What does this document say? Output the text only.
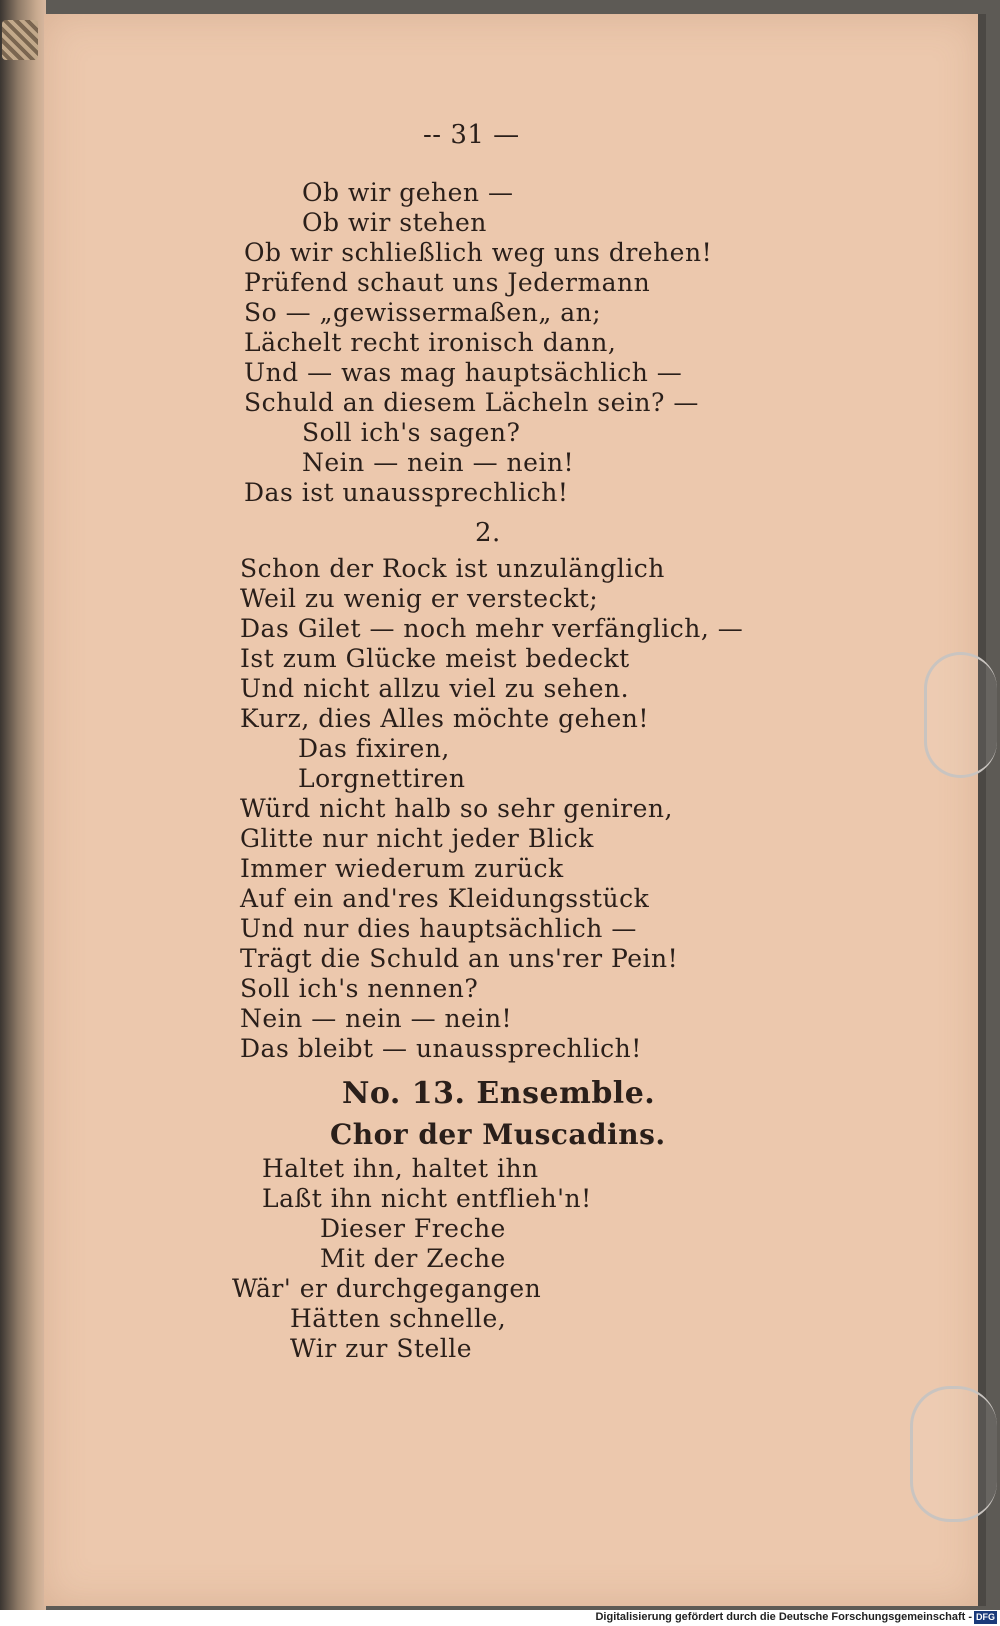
-- 31 —
Ob wir gehen —
Ob wir stehen
Ob wir schließlich weg uns drehen!
Prüfend schaut uns Jedermann
So — „gewissermaßen„ an;
Lächelt recht ironisch dann,
Und — was mag hauptsächlich —
Schuld an diesem Lächeln sein? —
Soll ich's sagen?
Nein — nein — nein!
Das ist unaussprechlich!
2.
Schon der Rock ist unzulänglich
Weil zu wenig er versteckt;
Das Gilet — noch mehr verfänglich, —
Ist zum Glücke meist bedeckt
Und nicht allzu viel zu sehen.
Kurz, dies Alles möchte gehen!
Das fixiren,
Lorgnettiren
Würd nicht halb so sehr geniren,
Glitte nur nicht jeder Blick
Immer wiederum zurück
Auf ein and'res Kleidungsstück
Und nur dies hauptsächlich —
Trägt die Schuld an uns'rer Pein!
Soll ich's nennen?
Nein — nein — nein!
Das bleibt — unaussprechlich!
No. 13. Ensemble.
Chor der Muscadins.
Haltet ihn, haltet ihn
Laßt ihn nicht entflieh'n!
Dieser Freche
Mit der Zeche
Wär' er durchgegangen
Hätten schnelle,
Wir zur Stelle
Digitalisierung gefördert durch die Deutsche Forschungsgemeinschaft - DFG
